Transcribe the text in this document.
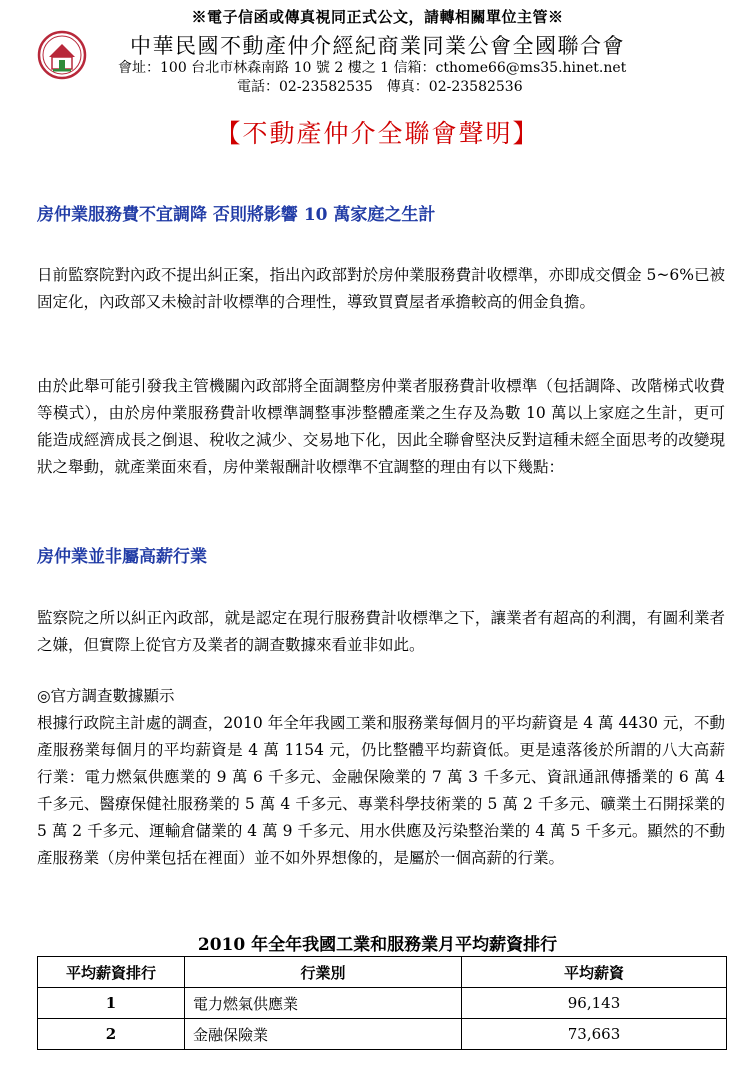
※電子信函或傳真視同正式公文，請轉相關單位主管※
中華民國不動產仲介經紀商業同業公會全國聯合會
會址：100 台北市林森南路 10 號 2 樓之 1 信箱：cthome66@ms35.hinet.net
電話：02-23582535　傳真：02-23582536
【不動產仲介全聯會聲明】
房仲業服務費不宜調降 否則將影響 10 萬家庭之生計
日前監察院對內政不提出糾正案，指出內政部對於房仲業服務費計收標準，亦即成交價金 5~6%已被固定化，內政部又未檢討計收標準的合理性，導致買賣屋者承擔較高的佣金負擔。
由於此舉可能引發我主管機關內政部將全面調整房仲業者服務費計收標準（包括調降、改階梯式收費等模式），由於房仲業服務費計收標準調整事涉整體產業之生存及為數 10 萬以上家庭之生計，更可能造成經濟成長之倒退、稅收之減少、交易地下化，因此全聯會堅決反對這種未經全面思考的改變現狀之舉動，就產業面來看，房仲業報酬計收標準不宜調整的理由有以下幾點：
房仲業並非屬高薪行業
監察院之所以糾正內政部，就是認定在現行服務費計收標準之下，讓業者有超高的利潤，有圖利業者之嫌，但實際上從官方及業者的調查數據來看並非如此。
◎官方調查數據顯示
根據行政院主計處的調查，2010 年全年我國工業和服務業每個月的平均薪資是 4 萬 4430 元，不動產服務業每個月的平均薪資是 4 萬 1154 元，仍比整體平均薪資低。更是遠落後於所謂的八大高薪行業：電力燃氣供應業的 9 萬 6 千多元、金融保險業的 7 萬 3 千多元、資訊通訊傳播業的 6 萬 4 千多元、醫療保健社服務業的 5 萬 4 千多元、專業科學技術業的 5 萬 2 千多元、礦業土石開採業的 5 萬 2 千多元、運輸倉儲業的 4 萬 9 千多元、用水供應及污染整治業的 4 萬 5 千多元。顯然的不動產服務業（房仲業包括在裡面）並不如外界想像的，是屬於一個高薪的行業。
2010 年全年我國工業和服務業月平均薪資排行
平均薪資排行	行業別	平均薪資
1	電力燃氣供應業	96,143
2	金融保險業	73,663
